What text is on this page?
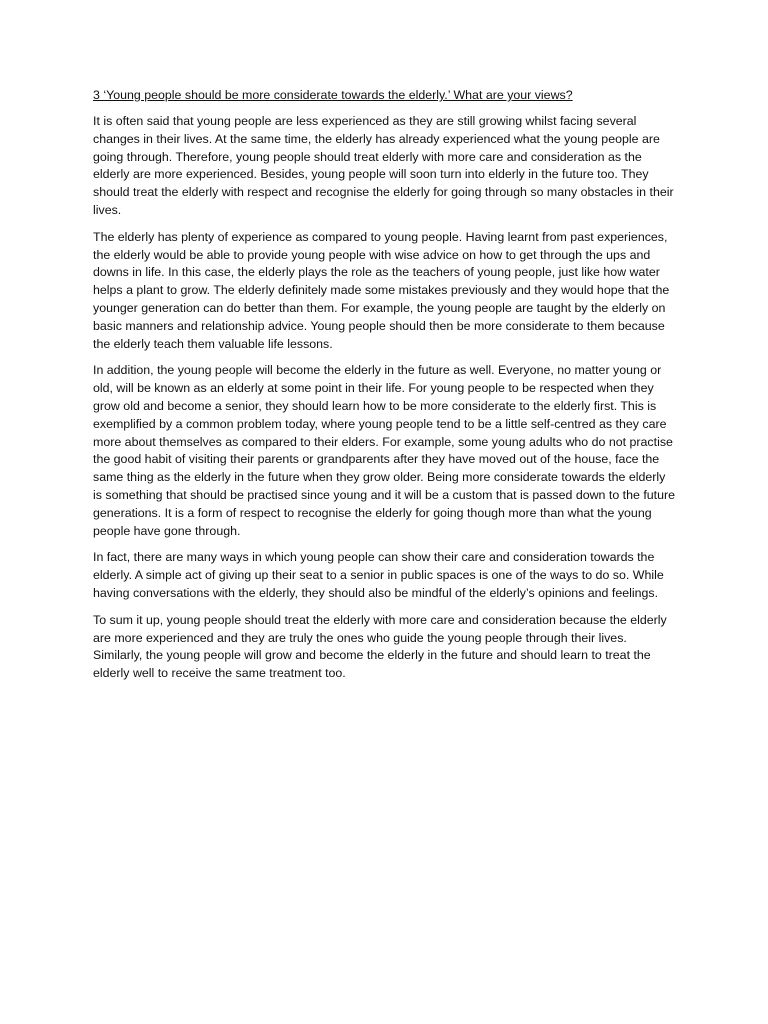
3 ‘Young people should be more considerate towards the elderly.’ What are your views?

It is often said that young people are less experienced as they are still growing whilst facing several changes in their lives. At the same time, the elderly has already experienced what the young people are going through. Therefore, young people should treat elderly with more care and consideration as the elderly are more experienced. Besides, young people will soon turn into elderly in the future too. They should treat the elderly with respect and recognise the elderly for going through so many obstacles in their lives.

The elderly has plenty of experience as compared to young people. Having learnt from past experiences, the elderly would be able to provide young people with wise advice on how to get through the ups and downs in life. In this case, the elderly plays the role as the teachers of young people, just like how water helps a plant to grow. The elderly definitely made some mistakes previously and they would hope that the younger generation can do better than them. For example, the young people are taught by the elderly on basic manners and relationship advice. Young people should then be more considerate to them because the elderly teach them valuable life lessons.

In addition, the young people will become the elderly in the future as well. Everyone, no matter young or old, will be known as an elderly at some point in their life. For young people to be respected when they grow old and become a senior, they should learn how to be more considerate to the elderly first. This is exemplified by a common problem today, where young people tend to be a little self-centred as they care more about themselves as compared to their elders. For example, some young adults who do not practise the good habit of visiting their parents or grandparents after they have moved out of the house, face the same thing as the elderly in the future when they grow older. Being more considerate towards the elderly is something that should be practised since young and it will be a custom that is passed down to the future generations. It is a form of respect to recognise the elderly for going though more than what the young people have gone through.

In fact, there are many ways in which young people can show their care and consideration towards the elderly. A simple act of giving up their seat to a senior in public spaces is one of the ways to do so. While having conversations with the elderly, they should also be mindful of the elderly’s opinions and feelings.

To sum it up, young people should treat the elderly with more care and consideration because the elderly are more experienced and they are truly the ones who guide the young people through their lives. Similarly, the young people will grow and become the elderly in the future and should learn to treat the elderly well to receive the same treatment too.
